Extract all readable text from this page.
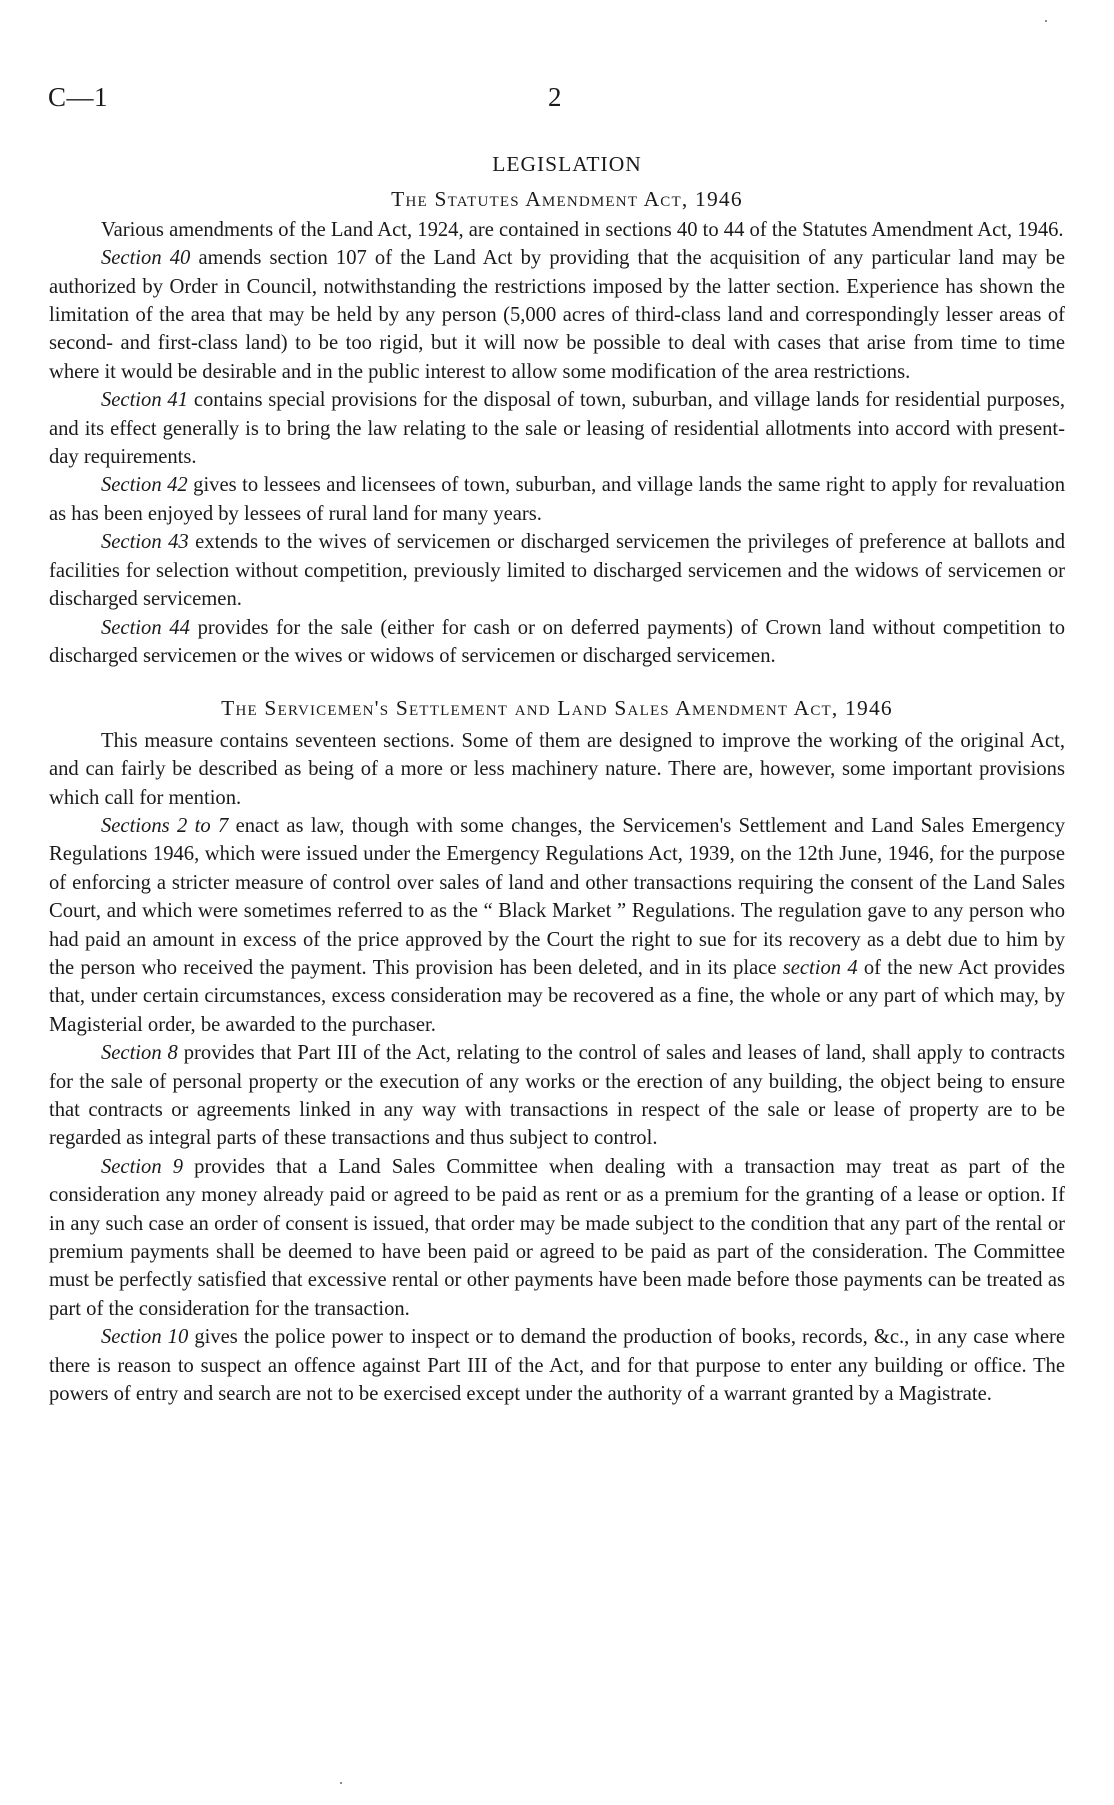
C—1	2
LEGISLATION
The Statutes Amendment Act, 1946

Various amendments of the Land Act, 1924, are contained in sections 40 to 44 of the Statutes Amendment Act, 1946.

Section 40 amends section 107 of the Land Act by providing that the acquisition of any particular land may be authorized by Order in Council, notwithstanding the restrictions imposed by the latter section. Experience has shown the limitation of the area that may be held by any person (5,000 acres of third-class land and correspondingly lesser areas of second- and first-class land) to be too rigid, but it will now be possible to deal with cases that arise from time to time where it would be desirable and in the public interest to allow some modification of the area restrictions.

Section 41 contains special provisions for the disposal of town, suburban, and village lands for residential purposes, and its effect generally is to bring the law relating to the sale or leasing of residential allotments into accord with present-day requirements.

Section 42 gives to lessees and licensees of town, suburban, and village lands the same right to apply for revaluation as has been enjoyed by lessees of rural land for many years.

Section 43 extends to the wives of servicemen or discharged servicemen the privileges of preference at ballots and facilities for selection without competition, previously limited to discharged servicemen and the widows of servicemen or discharged servicemen.

Section 44 provides for the sale (either for cash or on deferred payments) of Crown land without competition to discharged servicemen or the wives or widows of servicemen or discharged servicemen.

The Servicemen's Settlement and Land Sales Amendment Act, 1946

This measure contains seventeen sections. Some of them are designed to improve the working of the original Act, and can fairly be described as being of a more or less machinery nature. There are, however, some important provisions which call for mention.

Sections 2 to 7 enact as law, though with some changes, the Servicemen's Settlement and Land Sales Emergency Regulations 1946, which were issued under the Emergency Regulations Act, 1939, on the 12th June, 1946, for the purpose of enforcing a stricter measure of control over sales of land and other transactions requiring the consent of the Land Sales Court, and which were sometimes referred to as the “ Black Market ” Regulations. The regulation gave to any person who had paid an amount in excess of the price approved by the Court the right to sue for its recovery as a debt due to him by the person who received the payment. This provision has been deleted, and in its place section 4 of the new Act provides that, under certain circumstances, excess consideration may be recovered as a fine, the whole or any part of which may, by Magisterial order, be awarded to the purchaser.

Section 8 provides that Part III of the Act, relating to the control of sales and leases of land, shall apply to contracts for the sale of personal property or the execution of any works or the erection of any building, the object being to ensure that contracts or agreements linked in any way with transactions in respect of the sale or lease of property are to be regarded as integral parts of these transactions and thus subject to control.

Section 9 provides that a Land Sales Committee when dealing with a transaction may treat as part of the consideration any money already paid or agreed to be paid as rent or as a premium for the granting of a lease or option. If in any such case an order of consent is issued, that order may be made subject to the condition that any part of the rental or premium payments shall be deemed to have been paid or agreed to be paid as part of the consideration. The Committee must be perfectly satisfied that excessive rental or other payments have been made before those payments can be treated as part of the consideration for the transaction.

Section 10 gives the police power to inspect or to demand the production of books, records, &c., in any case where there is reason to suspect an offence against Part III of the Act, and for that purpose to enter any building or office. The powers of entry and search are not to be exercised except under the authority of a warrant granted by a Magistrate.
